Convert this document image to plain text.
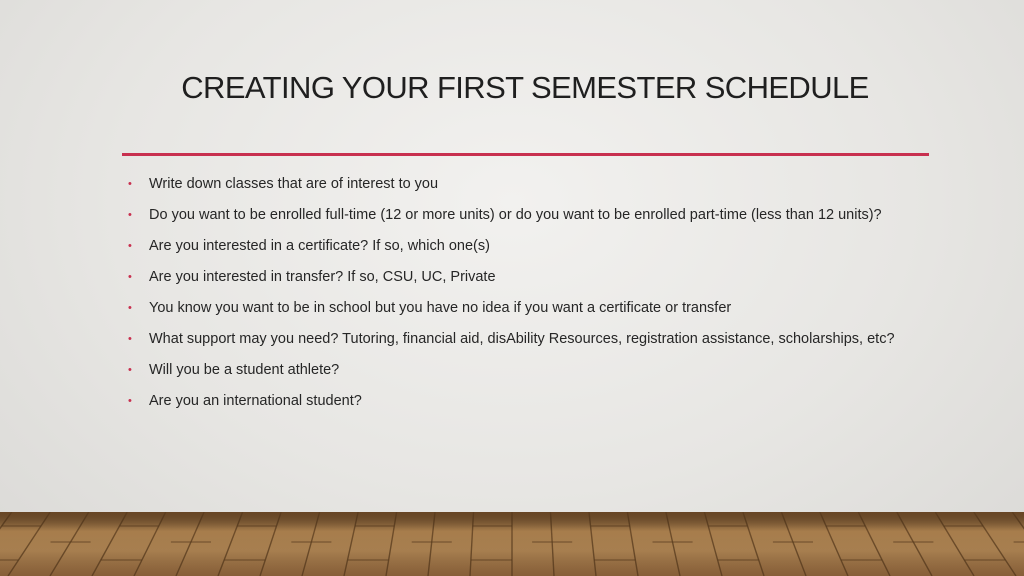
CREATING YOUR FIRST SEMESTER SCHEDULE
• Write down classes that are of interest to you
• Do you want to be enrolled full-time (12 or more units) or do you want to be enrolled part-time (less than 12 units)?
• Are you interested in a certificate? If so, which one(s)
• Are you interested in transfer? If so, CSU, UC, Private
• You know you want to be in school but you have no idea if you want a certificate or transfer
• What support may you need? Tutoring, financial aid, disAbility Resources, registration assistance, scholarships, etc?
• Will you be a student athlete?
• Are you an international student?
